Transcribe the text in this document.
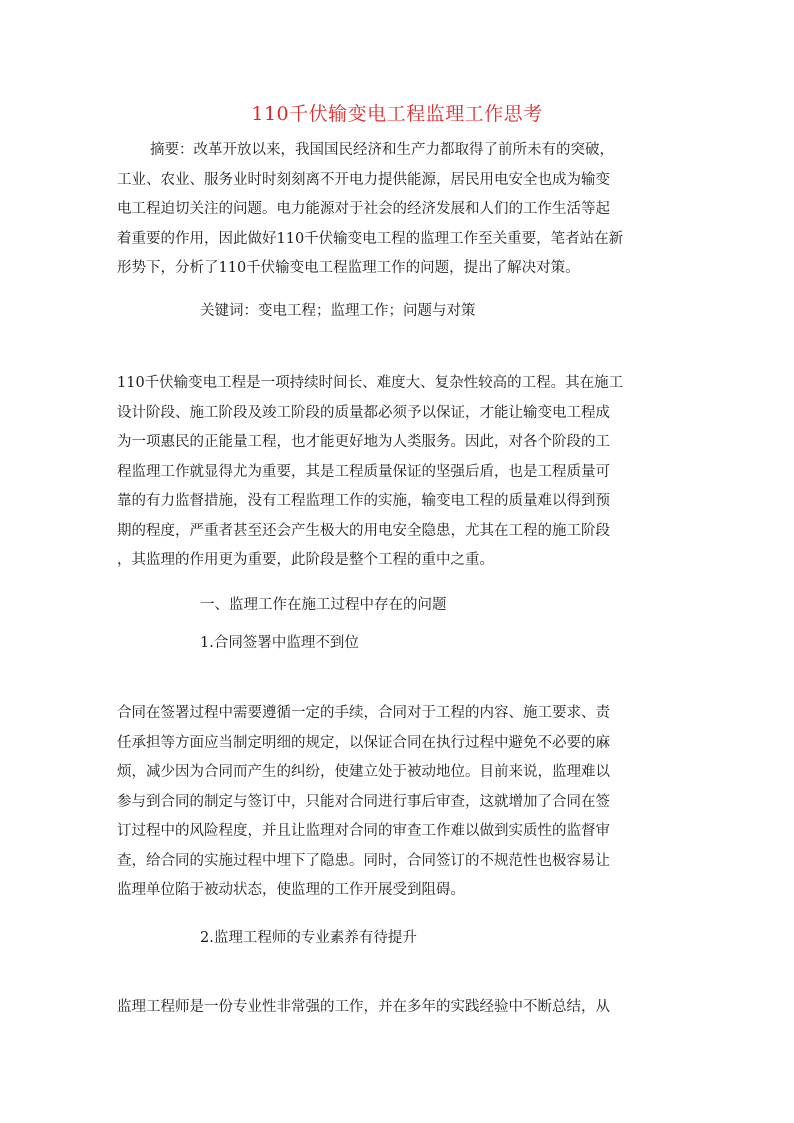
110千伏输变电工程监理工作思考
摘要：改革开放以来，我国国民经济和生产力都取得了前所未有的突破，
工业、农业、服务业时时刻刻离不开电力提供能源，居民用电安全也成为输变
电工程迫切关注的问题。电力能源对于社会的经济发展和人们的工作生活等起
着重要的作用，因此做好110千伏输变电工程的监理工作至关重要，笔者站在新
形势下，分析了110千伏输变电工程监理工作的问题，提出了解决对策。
关键词：变电工程；监理工作；问题与对策
110千伏输变电工程是一项持续时间长、难度大、复杂性较高的工程。其在施工
设计阶段、施工阶段及竣工阶段的质量都必须予以保证，才能让输变电工程成
为一项惠民的正能量工程，也才能更好地为人类服务。因此，对各个阶段的工
程监理工作就显得尤为重要，其是工程质量保证的坚强后盾，也是工程质量可
靠的有力监督措施，没有工程监理工作的实施，输变电工程的质量难以得到预
期的程度，严重者甚至还会产生极大的用电安全隐患，尤其在工程的施工阶段
，其监理的作用更为重要，此阶段是整个工程的重中之重。
一、监理工作在施工过程中存在的问题
1.合同签署中监理不到位
合同在签署过程中需要遵循一定的手续，合同对于工程的内容、施工要求、责
任承担等方面应当制定明细的规定，以保证合同在执行过程中避免不必要的麻
烦，减少因为合同而产生的纠纷，使建立处于被动地位。目前来说，监理难以
参与到合同的制定与签订中，只能对合同进行事后审查，这就增加了合同在签
订过程中的风险程度，并且让监理对合同的审查工作难以做到实质性的监督审
查，给合同的实施过程中埋下了隐患。同时，合同签订的不规范性也极容易让
监理单位陷于被动状态，使监理的工作开展受到阻碍。
2.监理工程师的专业素养有待提升
监理工程师是一份专业性非常强的工作，并在多年的实践经验中不断总结，从
